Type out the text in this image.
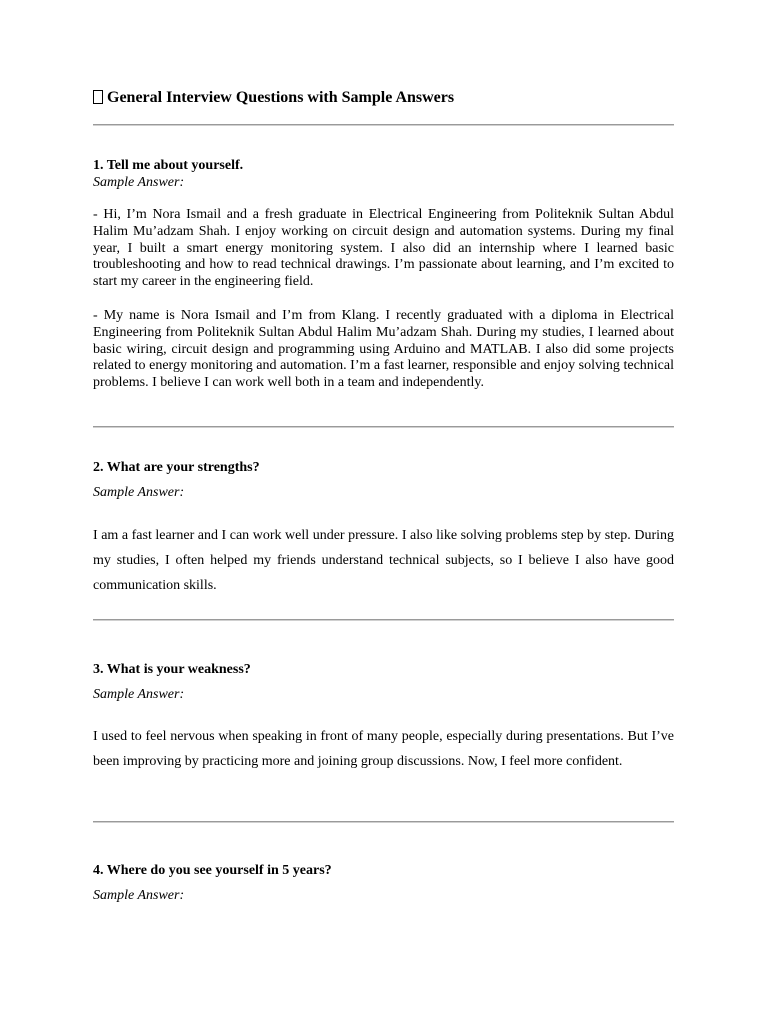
General Interview Questions with Sample Answers
1. Tell me about yourself.
Sample Answer:
- Hi, I’m Nora Ismail and a fresh graduate in Electrical Engineering from Politeknik Sultan Abdul Halim Mu’adzam Shah. I enjoy working on circuit design and automation systems. During my final year, I built a smart energy monitoring system. I also did an internship where I learned basic troubleshooting and how to read technical drawings. I’m passionate about learning, and I’m excited to start my career in the engineering field.
- My name is Nora Ismail and I’m from Klang. I recently graduated with a diploma in Electrical Engineering from Politeknik Sultan Abdul Halim Mu’adzam Shah. During my studies, I learned about basic wiring, circuit design and programming using Arduino and MATLAB. I also did some projects related to energy monitoring and automation. I’m a fast learner, responsible and enjoy solving technical problems. I believe I can work well both in a team and independently.
2. What are your strengths?
Sample Answer:
I am a fast learner and I can work well under pressure. I also like solving problems step by step. During my studies, I often helped my friends understand technical subjects, so I believe I also have good communication skills.
3. What is your weakness?
Sample Answer:
I used to feel nervous when speaking in front of many people, especially during presentations. But I’ve been improving by practicing more and joining group discussions. Now, I feel more confident.
4. Where do you see yourself in 5 years?
Sample Answer:
